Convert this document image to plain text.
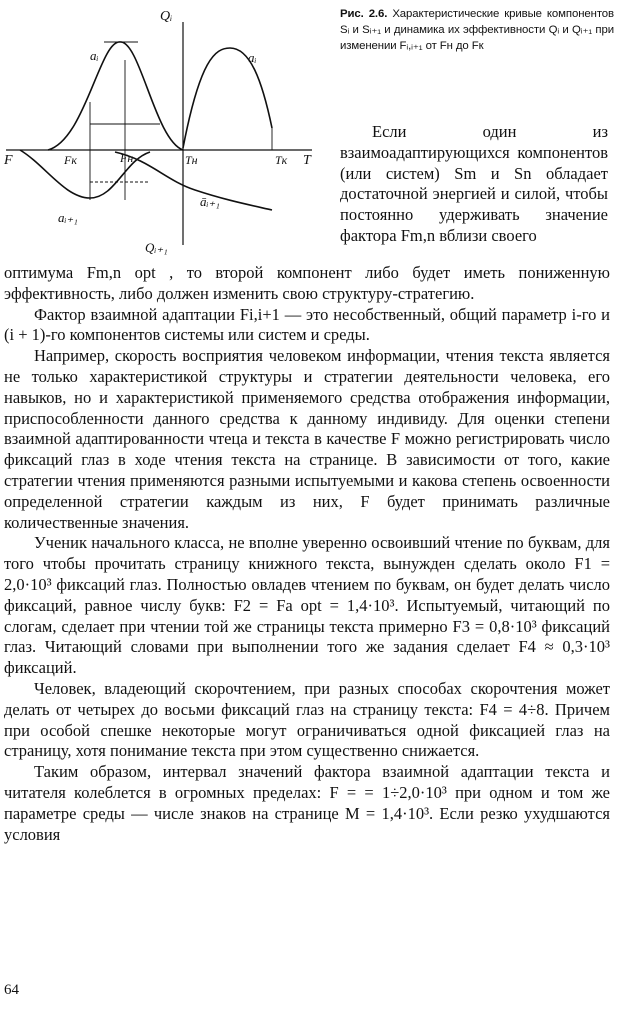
Qᵢ
F	T
Qᵢ₊₁
Fк	Fн	Tн	Tк
aᵢ	aᵢ
aᵢ₊₁
āᵢ₊₁
Рис. 2.6. Характеристические кривые компонентов Sᵢ и Sᵢ₊₁ и динамика их эффективности Qᵢ и Qᵢ₊₁ при изменении Fᵢ,ᵢ₊₁ от Fн до Fк

Если один из взаимоадаптирующихся компонентов (или систем) Sm и Sn обладает достаточной энергией и силой, чтобы постоянно удерживать значение фактора Fm,n вблизи своего

оптимума Fm,n opt , то второй компонент либо будет иметь пониженную эффективность, либо должен изменить свою структуру-стратегию.

Фактор взаимной адаптации Fi,i+1 — это несобственный, общий параметр i-го и (i + 1)-го компонентов системы или систем и среды.

Например, скорость восприятия человеком информации, чтения текста является не только характеристикой структуры и стратегии деятельности человека, его навыков, но и характеристикой применяемого средства отображения информации, приспособленности данного средства к данному индивиду. Для оценки степени взаимной адаптированности чтеца и текста в качестве F можно регистрировать число фиксаций глаз в ходе чтения текста на странице. В зависимости от того, какие стратегии чтения применяются разными испытуемыми и какова степень освоенности определенной стратегии каждым из них, F будет принимать различные количественные значения.

Ученик начального класса, не вполне уверенно освоивший чтение по буквам, для того чтобы прочитать страницу книжного текста, вынужден сделать около F1 = 2,0·10³ фиксаций глаз. Полностью овладев чтением по буквам, он будет делать число фиксаций, равное числу букв: F2 = Fa opt = 1,4·10³. Испытуемый, читающий по слогам, сделает при чтении той же страницы текста примерно F3 = 0,8·10³ фиксаций глаз. Читающий словами при выполнении того же задания сделает F4 ≈ 0,3·10³ фиксаций.

Человек, владеющий скорочтением, при разных способах скорочтения может делать от четырех до восьми фиксаций глаз на страницу текста: F4 = 4÷8. Причем при особой спешке некоторые могут ограничиваться одной фиксацией глаз на страницу, хотя понимание текста при этом существенно снижается.

Таким образом, интервал значений фактора взаимной адаптации текста и читателя колеблется в огромных пределах: F = = 1÷2,0·10³ при одном и том же параметре среды — числе знаков на странице M = 1,4·10³. Если резко ухудшаются условия

64
